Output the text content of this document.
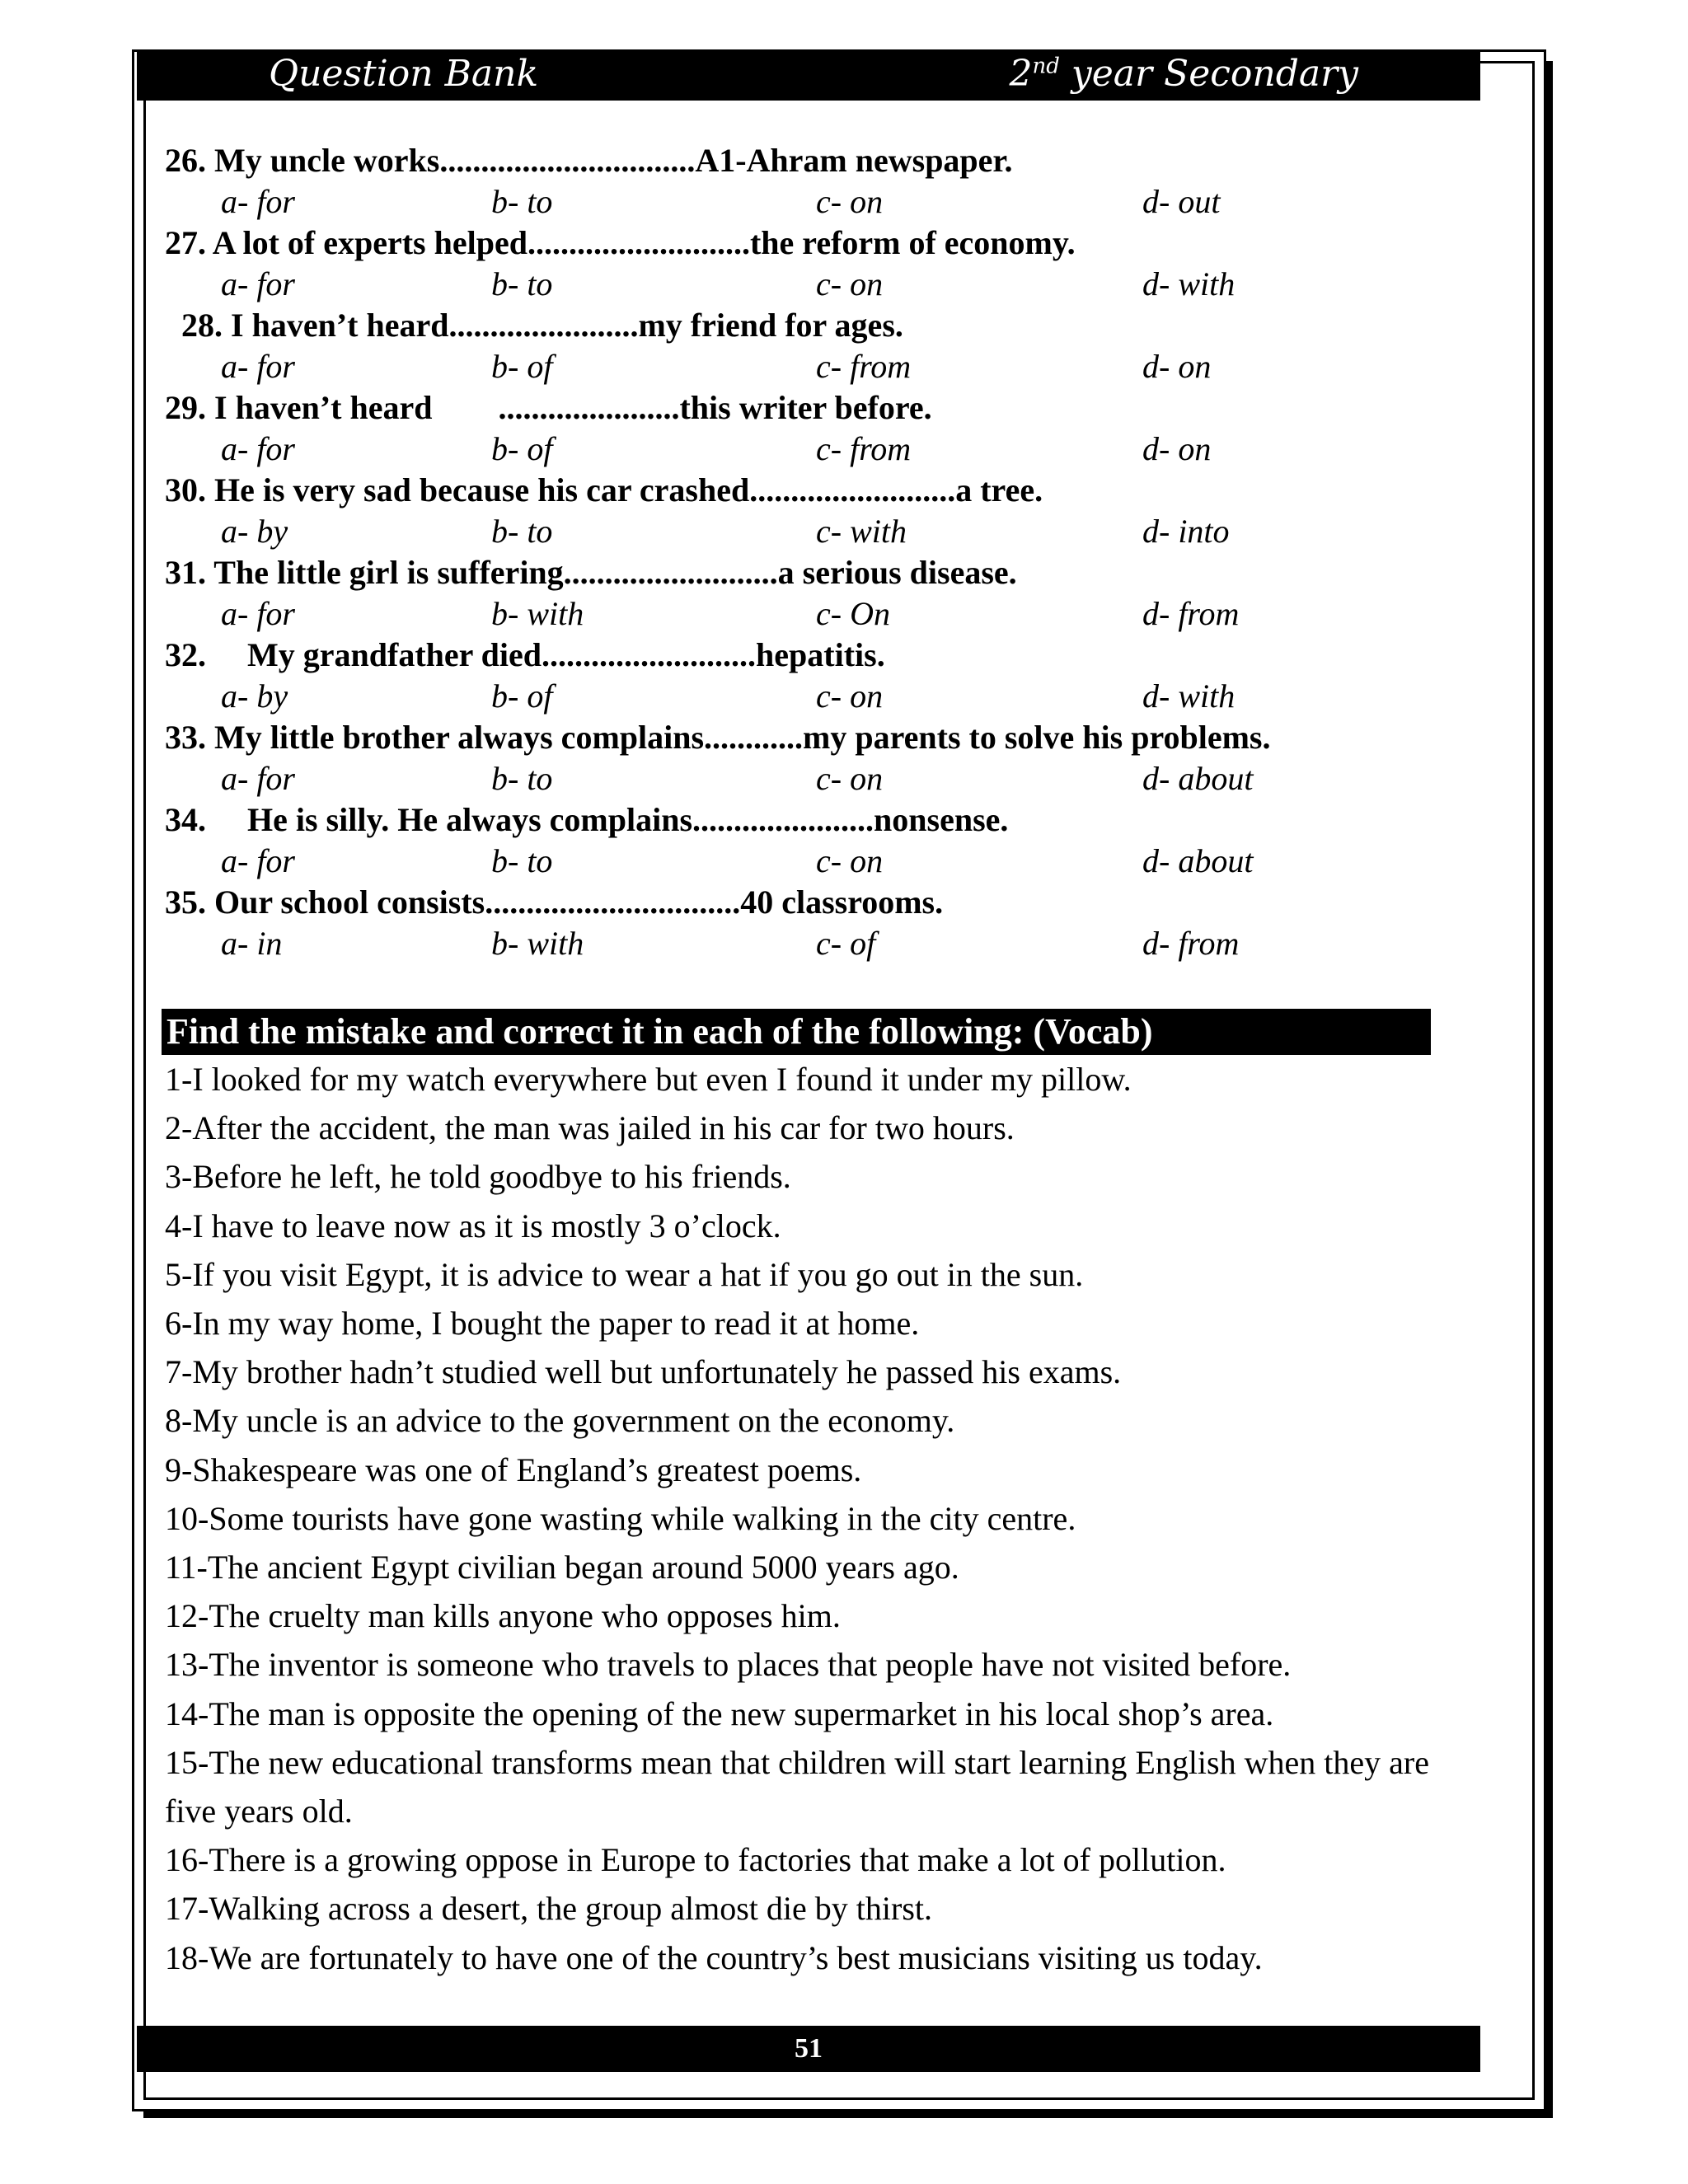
Question Bank	2nd year Secondary
26. My uncle works...............................A1-Ahram newspaper.
a- for	b- to	c- on	d- out
27. A lot of experts helped...........................the reform of economy.
a- for	b- to	c- on	d- with
28. I haven’t heard.......................my friend for ages.
a- for	b- of	c- from	d- on
29. I haven’t heard        ......................this writer before.
a- for	b- of	c- from	d- on
30. He is very sad because his car crashed.........................a tree.
a- by	b- to	c- with	d- into
31. The little girl is suffering..........................a serious disease.
a- for	b- with	c- On	d- from
32.     My grandfather died..........................hepatitis.
a- by	b- of	c- on	d- with
33. My little brother always complains............my parents to solve his problems.
a- for	b- to	c- on	d- about
34.     He is silly. He always complains......................nonsense.
a- for	b- to	c- on	d- about
35. Our school consists...............................40 classrooms.
a- in	b- with	c- of	d- from
Find the mistake and correct it in each of the following: (Vocab)
1-I looked for my watch everywhere but even I found it under my pillow.
2-After the accident, the man was jailed in his car for two hours.
3-Before he left, he told goodbye to his friends.
4-I have to leave now as it is mostly 3 o’clock.
5-If you visit Egypt, it is advice to wear a hat if you go out in the sun.
6-In my way home, I bought the paper to read it at home.
7-My brother hadn’t studied well but unfortunately he passed his exams.
8-My uncle is an advice to the government on the economy.
9-Shakespeare was one of England’s greatest poems.
10-Some tourists have gone wasting while walking in the city centre.
11-The ancient Egypt civilian began around 5000 years ago.
12-The cruelty man kills anyone who opposes him.
13-The inventor is someone who travels to places that people have not visited before.
14-The man is opposite the opening of the new supermarket in his local shop’s area.
15-The new educational transforms mean that children will start learning English when they are five years old.
16-There is a growing oppose in Europe to factories that make a lot of pollution.
17-Walking across a desert, the group almost die by thirst.
18-We are fortunately to have one of the country’s best musicians visiting us today.
51
